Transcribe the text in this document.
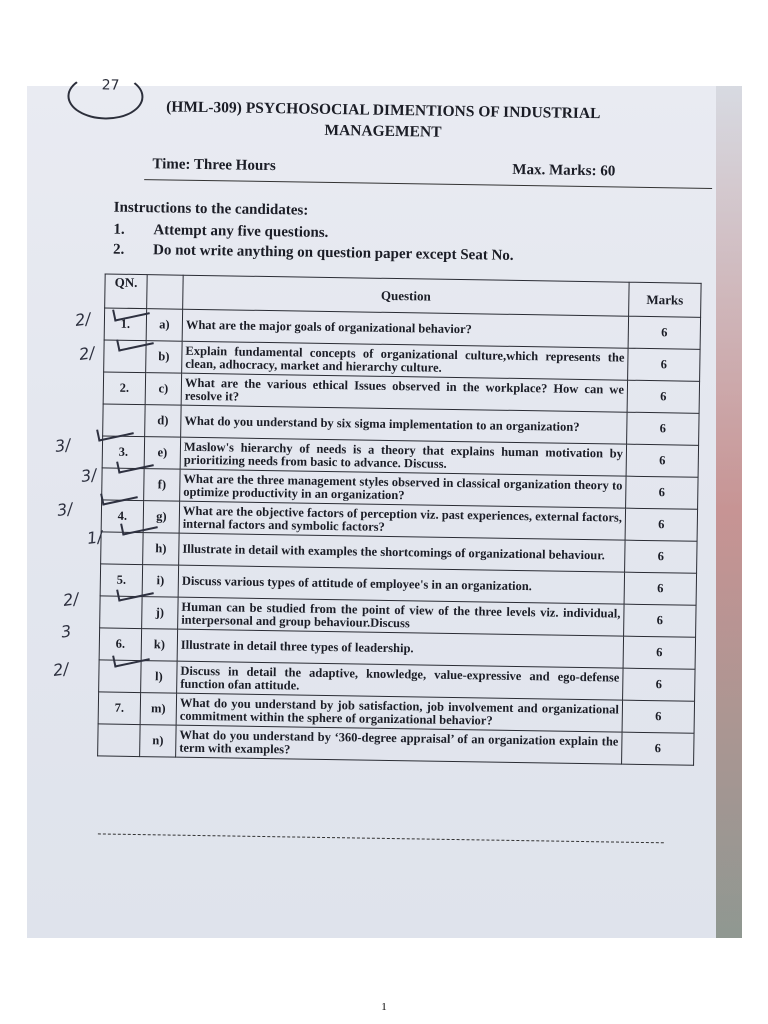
27
(HML-309) PSYCHOSOCIAL DIMENTIONS OF INDUSTRIAL MANAGEMENT
Time: Three Hours	Max. Marks: 60
Instructions to the candidates:
1. Attempt any five questions.
2. Do not write anything on question paper except Seat No.
QN.		Question	Marks
1.	a)	What are the major goals of organizational behavior?	6
	b)	Explain fundamental concepts of organizational culture,which represents the clean, adhocracy, market and hierarchy culture.	6
2.	c)	What are the various ethical Issues observed in the workplace? How can we resolve it?	6
	d)	What do you understand by six sigma implementation to an organization?	6
3.	e)	Maslow's hierarchy of needs is a theory that explains human motivation by prioritizing needs from basic to advance. Discuss.	6
	f)	What are the three management styles observed in classical organization theory to optimize productivity in an organization?	6
4.	g)	What are the objective factors of perception viz. past experiences, external factors, internal factors and symbolic factors?	6
	h)	Illustrate in detail with examples the shortcomings of organizational behaviour.	6
5.	i)	Discuss various types of attitude of employee's in an organization.	6
	j)	Human can be studied from the point of view of the three levels viz. individual, interpersonal and group behaviour.Discuss	6
6.	k)	Illustrate in detail three types of leadership.	6
	l)	Discuss in detail the adaptive, knowledge, value-expressive and ego-defense function ofan attitude.	6
7.	m)	What do you understand by job satisfaction, job involvement and organizational commitment within the sphere of organizational behavior?	6
	n)	What do you understand by ‘360-degree appraisal’ of an organization explain the term with examples?	6
2/
2/
3/
3/
3/
2/
3
2/
1/
1
